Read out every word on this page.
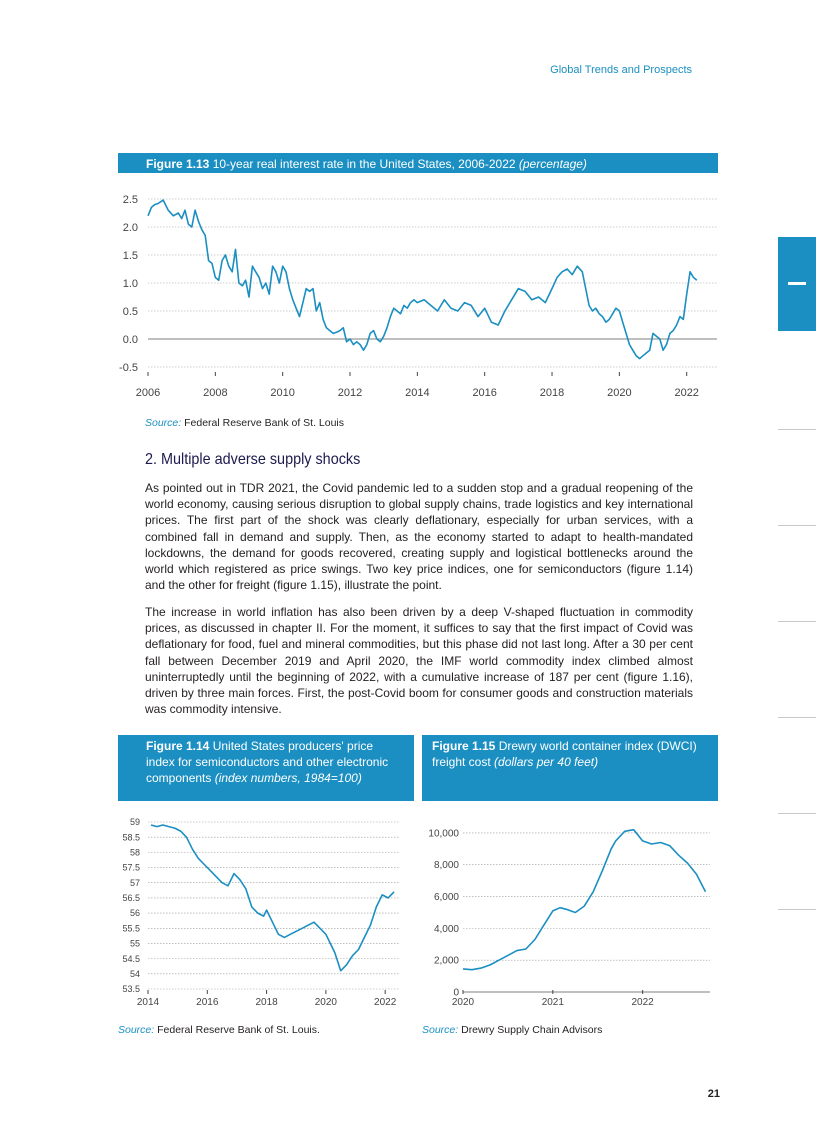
Global Trends and Prospects
Figure 1.13 10-year real interest rate in the United States, 2006-2022 (percentage)
-0.5
0.0
0.5
1.0
1.5
2.0
2.5
2006	2008	2010	2012	2014	2016	2018	2020	2022
Source: Federal Reserve Bank of St. Louis
2. Multiple adverse supply shocks

As pointed out in TDR 2021, the Covid pandemic led to a sudden stop and a gradual reopening of the world economy, causing serious disruption to global supply chains, trade logistics and key international prices. The first part of the shock was clearly deflationary, especially for urban services, with a combined fall in demand and supply. Then, as the economy started to adapt to health-mandated lockdowns, the demand for goods recovered, creating supply and logistical bottlenecks around the world which registered as price swings. Two key price indices, one for semiconductors (figure 1.14) and the other for freight (figure 1.15), illustrate the point.

The increase in world inflation has also been driven by a deep V-shaped fluctuation in commodity prices, as discussed in chapter II. For the moment, it suffices to say that the first impact of Covid was deflationary for food, fuel and mineral commodities, but this phase did not last long. After a 30 per cent fall between December 2019 and April 2020, the IMF world commodity index climbed almost uninterruptedly until the beginning of 2022, with a cumulative increase of 187 per cent (figure 1.16), driven by three main forces. First, the post-Covid boom for consumer goods and construction materials was commodity intensive.

Figure 1.14 United States producers' price index for semiconductors and other electronic components (index numbers, 1984=100)
53.5
54
54.5
55
55.5
56
56.5
57
57.5
58
58.5
59
2014	2016	2018	2020	2022
Source: Federal Reserve Bank of St. Louis.
Figure 1.15 Drewry world container index (DWCI) freight cost (dollars per 40 feet)
0
2,000
4,000
6,000
8,000
10,000
2020	2021	2022
Source: Drewry Supply Chain Advisors
21
